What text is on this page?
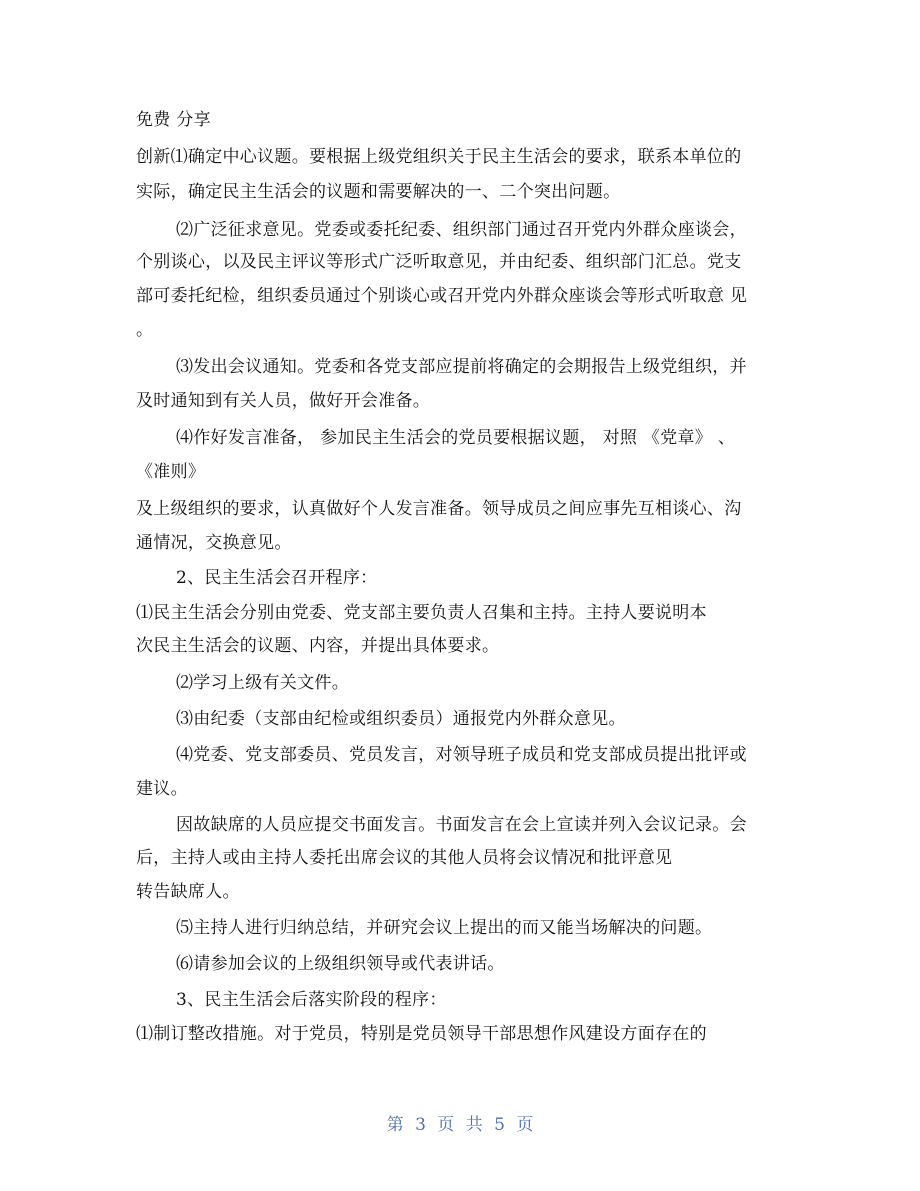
免费 分享
创新⑴确定中心议题。要根据上级党组织关于民主生活会的要求，联系本单位的
实际，确定民主生活会的议题和需要解决的一、二个突出问题。
⑵广泛征求意见。党委或委托纪委、组织部门通过召开党内外群众座谈会，
个别谈心，以及民主评议等形式广泛听取意见，并由纪委、组织部门汇总。党支
部可委托纪检，组织委员通过个别谈心或召开党内外群众座谈会等形式听取意 见
。
⑶发出会议通知。党委和各党支部应提前将确定的会期报告上级党组织，并
及时通知到有关人员，做好开会准备。
⑷作好发言准备， 参加民主生活会的党员要根据议题， 对照 《党章》 、
《准则》
及上级组织的要求，认真做好个人发言准备。领导成员之间应事先互相谈心、沟
通情况，交换意见。
2、民主生活会召开程序：
⑴民主生活会分别由党委、党支部主要负责人召集和主持。主持人要说明本
次民主生活会的议题、内容，并提出具体要求。
⑵学习上级有关文件。
⑶由纪委（支部由纪检或组织委员）通报党内外群众意见。
⑷党委、党支部委员、党员发言，对领导班子成员和党支部成员提出批评或
建议。
因故缺席的人员应提交书面发言。书面发言在会上宣读并列入会议记录。会
后，主持人或由主持人委托出席会议的其他人员将会议情况和批评意见
转告缺席人。
⑸主持人进行归纳总结，并研究会议上提出的而又能当场解决的问题。
⑹请参加会议的上级组织领导或代表讲话。
3、民主生活会后落实阶段的程序：
⑴制订整改措施。对于党员，特别是党员领导干部思想作风建设方面存在的
第 3 页 共 5 页
